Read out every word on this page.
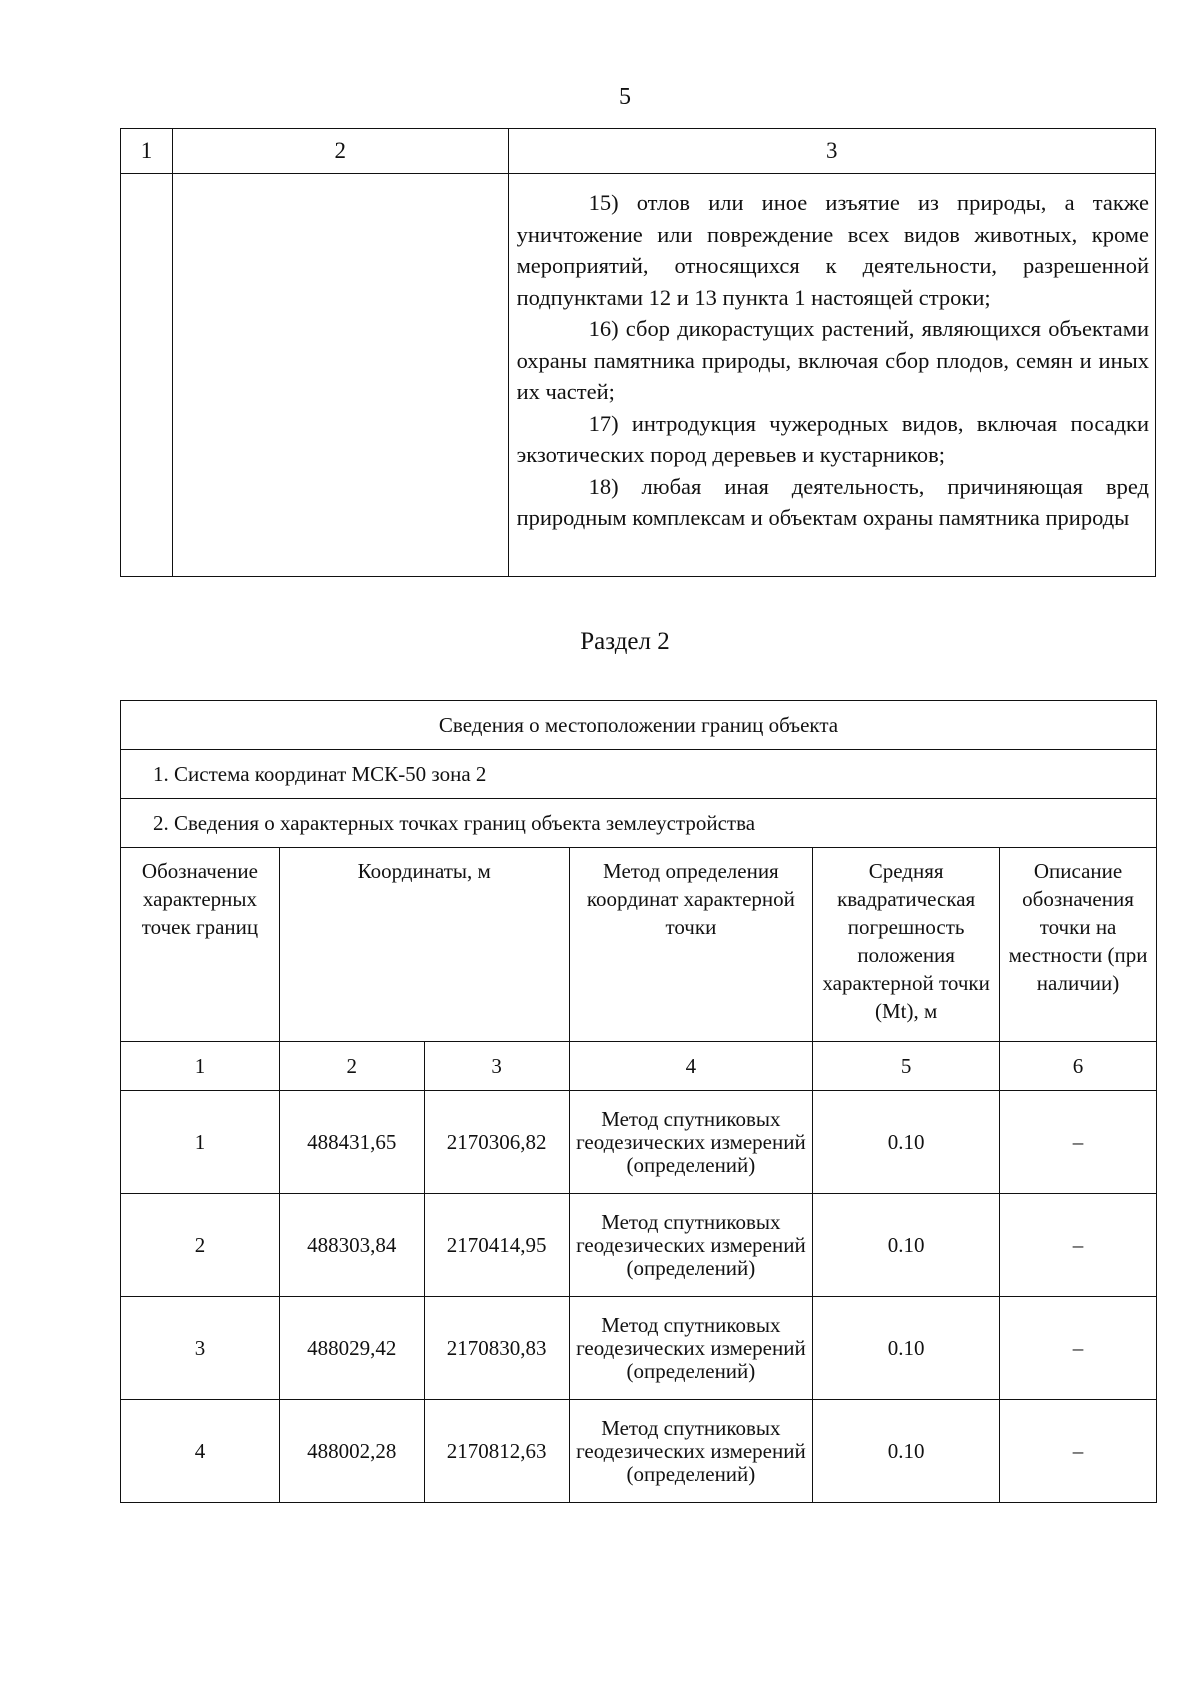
5
1	2	3

		15) отлов или иное изъятие из природы, а также уничтожение или повреждение всех видов животных, кроме мероприятий, относящихся к деятельности, разрешенной подпунктами 12 и 13 пункта 1 настоящей строки;

16) сбор дикорастущих растений, являющихся объектами охраны памятника природы, включая сбор плодов, семян и иных их частей;

17) интродукция чужеродных видов, включая посадки экзотических пород деревьев и кустарников;

18) любая иная деятельность, причиняющая вред природным комплексам и объектам охраны памятника природы

Раздел 2
Сведения о местоположении границ объекта					
1. Система координат МСК-50 зона 2					
2. Сведения о характерных точках границ объекта землеустройства					
Обозначение характерных точек границ	Координаты, м		Метод определения координат характерной точки	Средняя квадратическая погрешность положения характерной точки (Mt), м	Описание обозначения точки на местности (при наличии)
1	2	3	4	5	6
1	488431,65	2170306,82	Метод спутниковых геодезических измерений (определений)	0.10	–
2	488303,84	2170414,95	Метод спутниковых геодезических измерений (определений)	0.10	–
3	488029,42	2170830,83	Метод спутниковых геодезических измерений (определений)	0.10	–
4	488002,28	2170812,63	Метод спутниковых геодезических измерений (определений)	0.10	–
